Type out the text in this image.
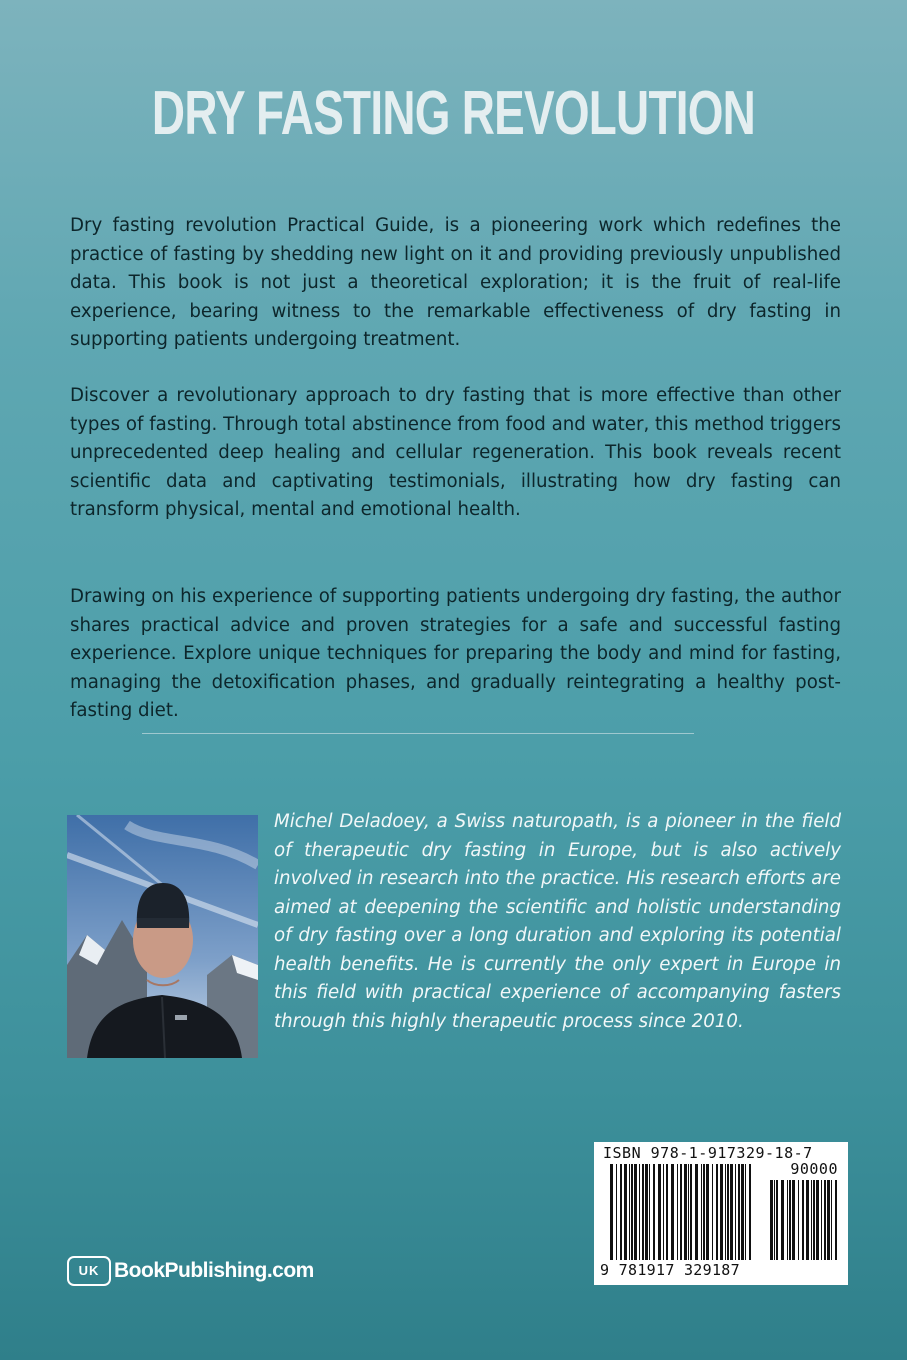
DRY FASTING REVOLUTION

Dry fasting revolution Practical Guide, is a pioneering work which redefines the practice of fasting by shedding new light on it and providing previously unpublished data. This book is not just a theoretical exploration; it is the fruit of real-life experience, bearing witness to the remarkable effectiveness of dry fasting in supporting patients undergoing treatment.

Discover a revolutionary approach to dry fasting that is more effective than other types of fasting. Through total abstinence from food and water, this method triggers unprecedented deep healing and cellular regeneration. This book reveals recent scientific data and captivating testimonials, illustrating how dry fasting can transform physical, mental and emotional health.

Drawing on his experience of supporting patients undergoing dry fasting, the author shares practical advice and proven strategies for a safe and successful fasting experience. Explore unique techniques for preparing the body and mind for fasting, managing the detoxification phases, and gradually reintegrating a healthy post-fasting diet.

Michel Deladoey, a Swiss naturopath, is a pioneer in the field of therapeutic dry fasting in Europe, but is also actively involved in research into the practice. His research efforts are aimed at deepening the scientific and holistic understanding of dry fasting over a long duration and exploring its potential health benefits. He is currently the only expert in Europe in this field with practical experience of accompanying fasters through this highly therapeutic process since 2010.

UK BookPublishing.com
ISBN 978-1-917329-18-7
90000
9 781917 329187
